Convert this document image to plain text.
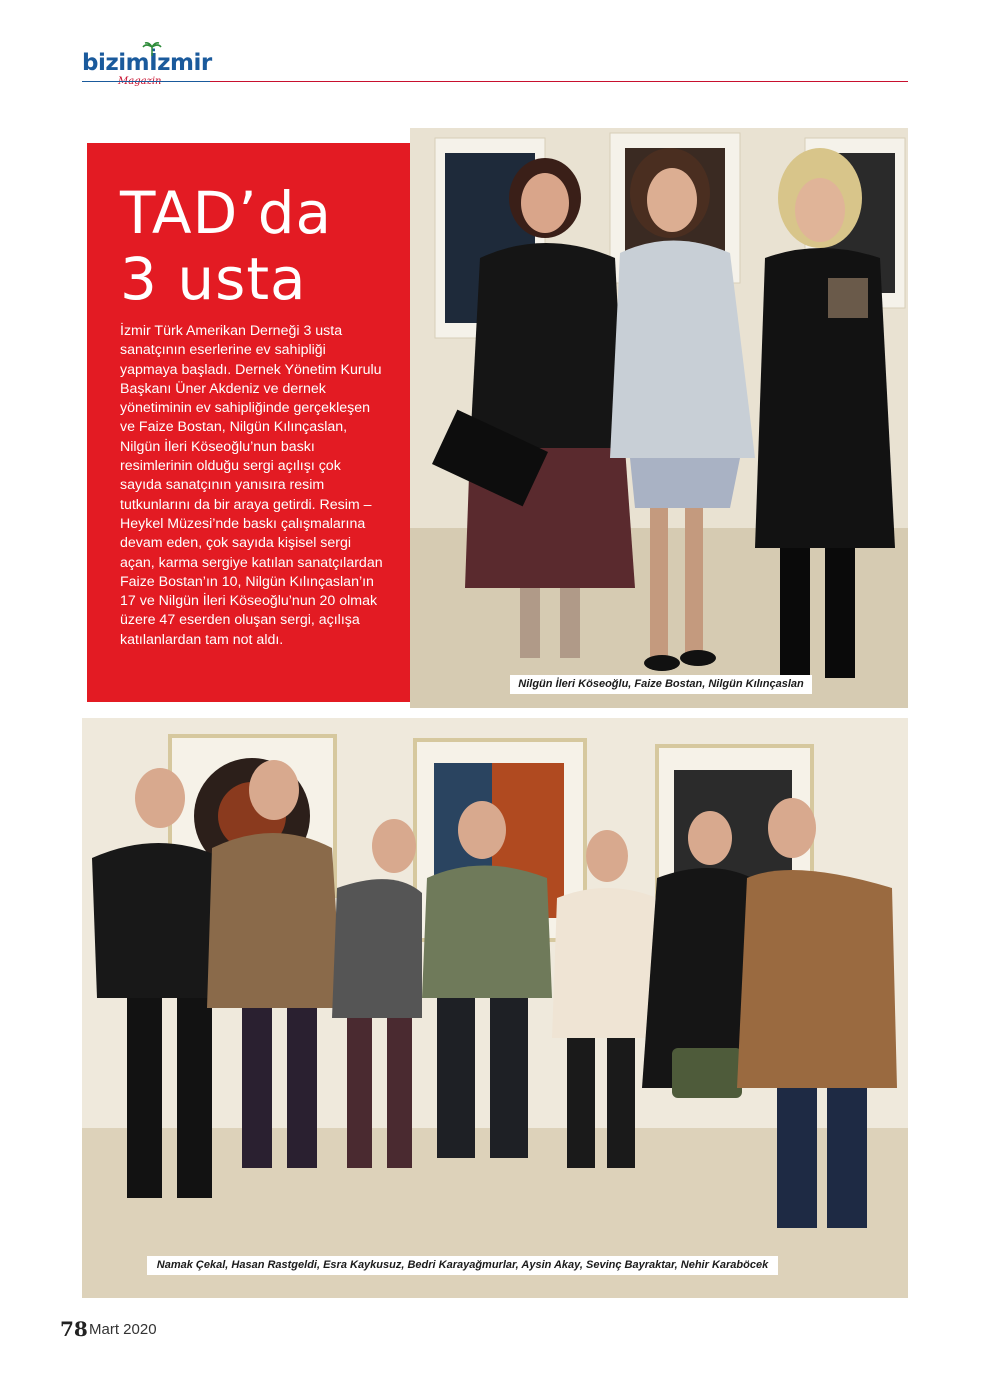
bizimİzmir
TAD’da
3 usta

İzmir Türk Amerikan Derneği 3 usta sanatçının eserlerine ev sahipliği yapmaya başladı. Dernek Yönetim Kurulu Başkanı Üner Akdeniz ve dernek yönetiminin ev sahipliğinde gerçekleşen ve Faize Bostan, Nilgün Kılınçaslan, Nilgün İleri Köseoğlu’nun baskı resimlerinin olduğu sergi açılışı çok sayıda sanatçının yanısıra resim tutkunlarını da bir araya getirdi. Resim – Heykel Müzesi’nde baskı çalışmalarına devam eden, çok sayıda kişisel sergi açan, karma sergiye katılan sanatçılardan Faize Bostan’ın 10, Nilgün Kılınçaslan’ın 17 ve Nilgün İleri Köseoğlu’nun 20 olmak üzere 47 eserden oluşan sergi, açılışa katılanlardan tam not aldı.

Nilgün İleri Köseoğlu, Faize Bostan, Nilgün Kılınçaslan
Namak Çekal, Hasan Rastgeldi, Esra Kaykusuz, Bedri Karayağmurlar, Aysin Akay, Sevinç Bayraktar, Nehir Karaböcek
78 Mart 2020
